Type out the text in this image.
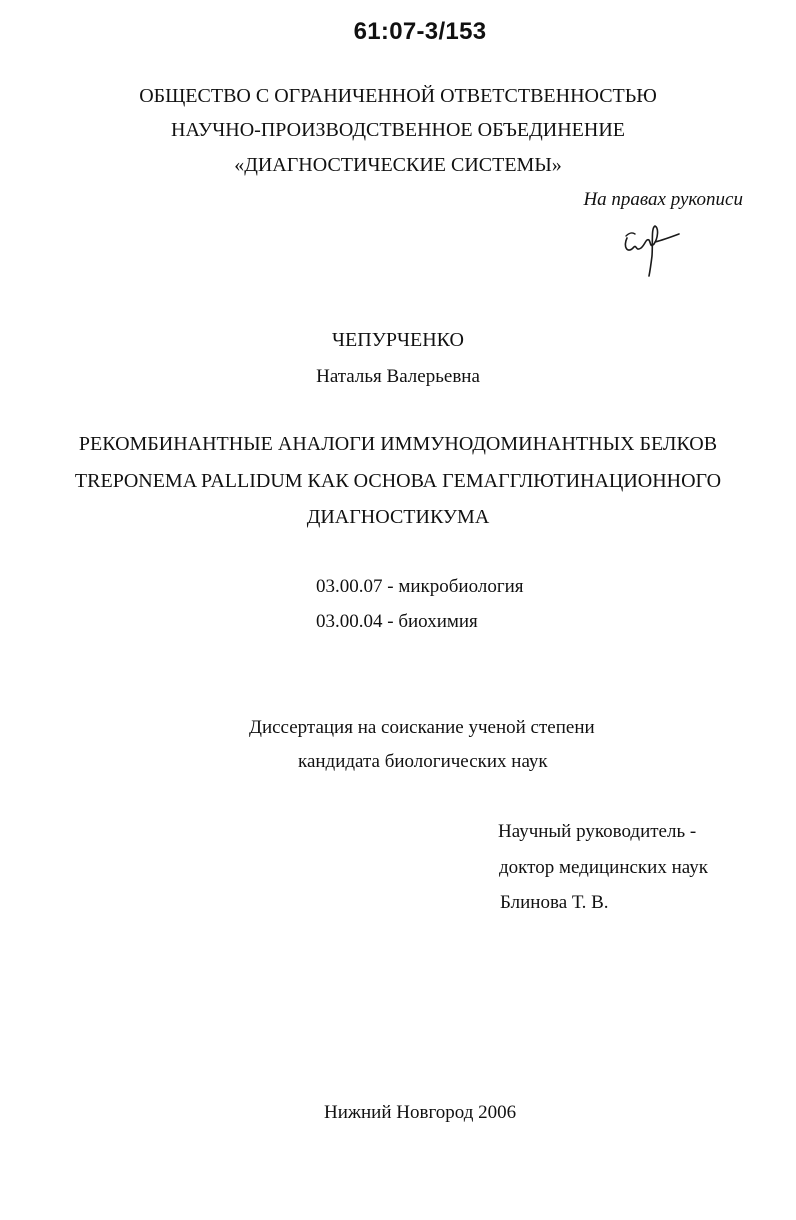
61:07-3/153
ОБЩЕСТВО С ОГРАНИЧЕННОЙ ОТВЕТСТВЕННОСТЬЮ
НАУЧНО-ПРОИЗВОДСТВЕННОЕ ОБЪЕДИНЕНИЕ
«ДИАГНОСТИЧЕСКИЕ СИСТЕМЫ»
На правах рукописи
ЧЕПУРЧЕНКО
Наталья Валерьевна
РЕКОМБИНАНТНЫЕ АНАЛОГИ ИММУНОДОМИНАНТНЫХ БЕЛКОВ
TREPONEMA PALLIDUM КАК ОСНОВА ГЕМАГГЛЮТИНАЦИОННОГО
ДИАГНОСТИКУМА
03.00.07 - микробиология
03.00.04 - биохимия
Диссертация на соискание ученой степени
кандидата биологических наук
Научный руководитель -
доктор медицинских наук
Блинова Т. В.
Нижний Новгород 2006
